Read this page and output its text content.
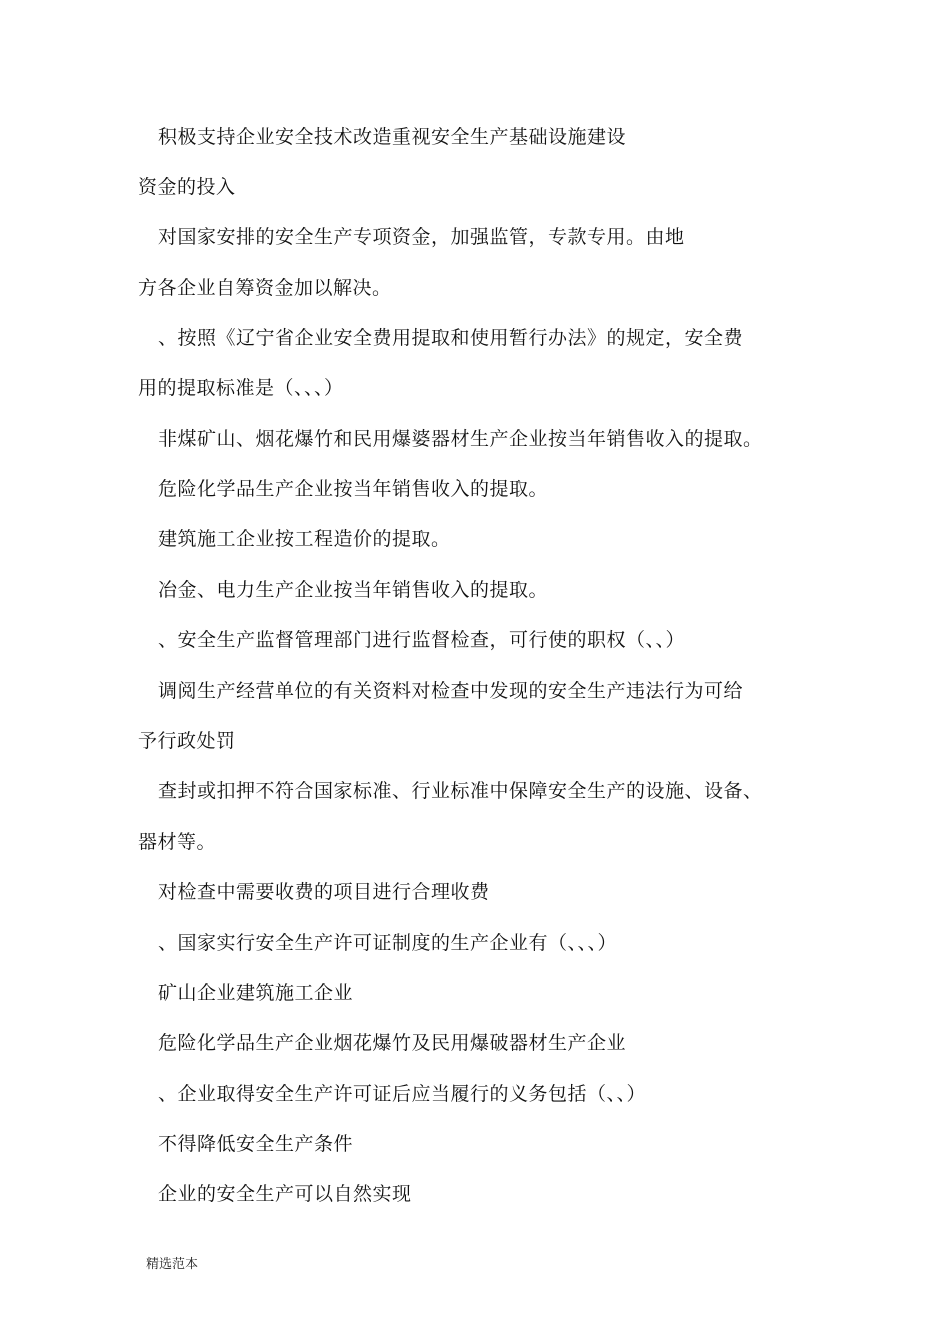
积极支持企业安全技术改造重视安全生产基础设施建设
资金的投入
对国家安排的安全生产专项资金，加强监管，专款专用。由地
方各企业自筹资金加以解决。
、按照《辽宁省企业安全费用提取和使用暂行办法》的规定，安全费
用的提取标准是（、、、）
非煤矿山、烟花爆竹和民用爆婆器材生产企业按当年销售收入的提取。
危险化学品生产企业按当年销售收入的提取。
建筑施工企业按工程造价的提取。
冶金、电力生产企业按当年销售收入的提取。
、安全生产监督管理部门进行监督检查，可行使的职权（、、）
调阅生产经营单位的有关资料对检查中发现的安全生产违法行为可给
予行政处罚
查封或扣押不符合国家标准、行业标准中保障安全生产的设施、设备、
器材等。
对检查中需要收费的项目进行合理收费
、国家实行安全生产许可证制度的生产企业有（、、、）
矿山企业建筑施工企业
危险化学品生产企业烟花爆竹及民用爆破器材生产企业
、企业取得安全生产许可证后应当履行的义务包括（、、）
不得降低安全生产条件
企业的安全生产可以自然实现
精选范本
